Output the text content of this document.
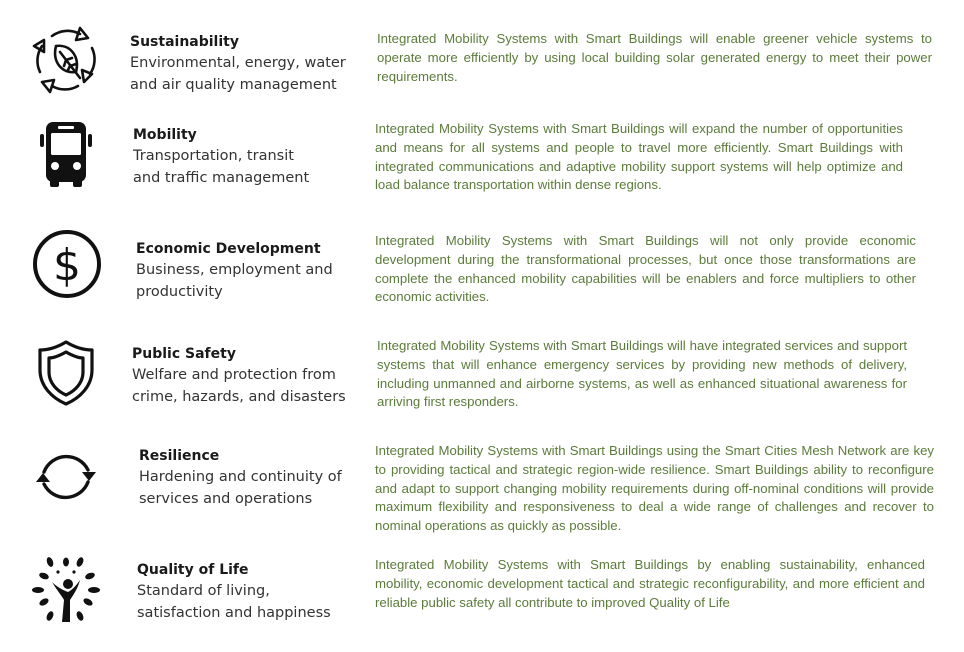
Sustainability
Environmental, energy, water
and air quality management
Integrated Mobility Systems with Smart Buildings will enable greener vehicle systems to operate more efficiently by using local building solar generated energy to meet their power requirements.
Mobility
Transportation, transit
and traffic management
Integrated Mobility Systems with Smart Buildings will expand the number of opportunities and means for all systems and people to travel more efficiently. Smart Buildings with integrated communications and adaptive mobility support systems will help optimize and load balance transportation within dense regions.
$	Economic Development
Business, employment and
productivity
Integrated Mobility Systems with Smart Buildings will not only provide economic development during the transformational processes, but once those transformations are complete the enhanced mobility capabilities will be enablers and force multipliers to other economic activities.
Public Safety
Welfare and protection from
crime, hazards, and disasters
Integrated Mobility Systems with Smart Buildings will have integrated services and support systems that will enhance emergency services by providing new methods of delivery, including unmanned and airborne systems, as well as enhanced situational awareness for arriving first responders.
Resilience
Hardening and continuity of
services and operations
Integrated Mobility Systems with Smart Buildings using the Smart Cities Mesh Network are key to providing tactical and strategic region-wide resilience. Smart Buildings ability to reconfigure and adapt to support changing mobility requirements during off-nominal conditions will provide maximum flexibility and responsiveness to deal a wide range of challenges and recover to nominal operations as quickly as possible.
Quality of Life
Standard of living,
satisfaction and happiness
Integrated Mobility Systems with Smart Buildings by enabling sustainability, enhanced mobility, economic development tactical and strategic reconfigurability, and more efficient and reliable public safety all contribute to improved Quality of Life
